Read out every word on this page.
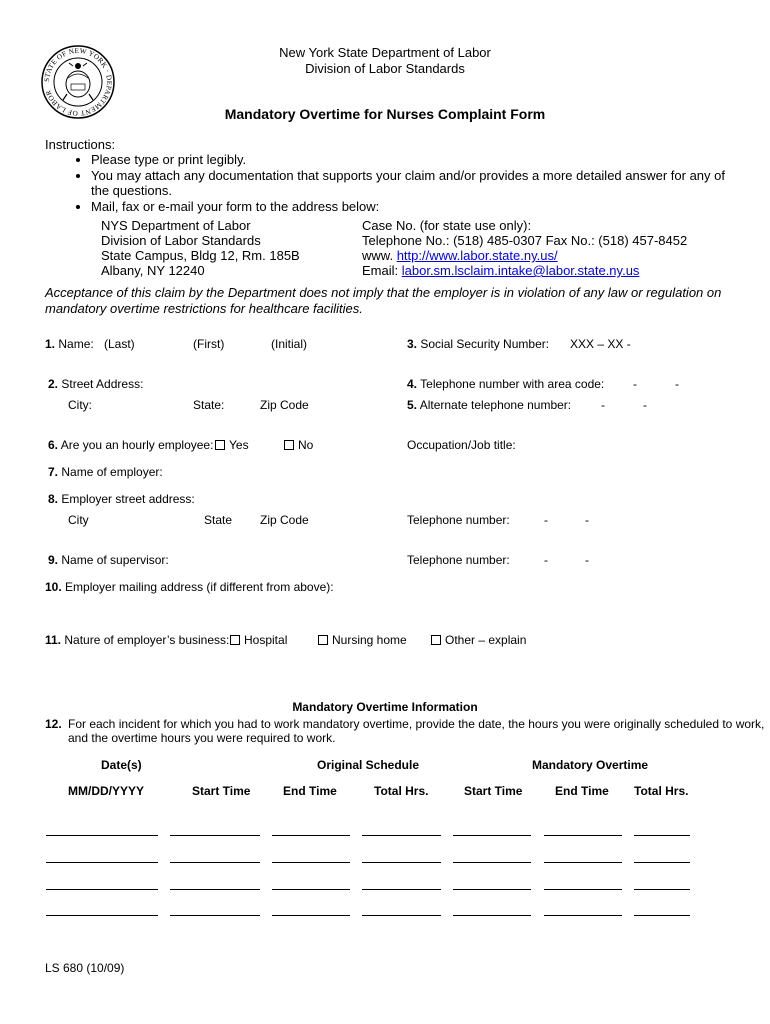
STATE OF NEW YORK · DEPARTMENT OF LABOR
New York State Department of Labor
Division of Labor Standards
Mandatory Overtime for Nurses Complaint Form
Instructions:
• Please type or print legibly.
• You may attach any documentation that supports your claim and/or provides a more detailed answer for any of the questions.
• Mail, fax or e-mail your form to the address below:
NYS Department of Labor
Division of Labor Standards
State Campus, Bldg 12, Rm. 185B
Albany, NY 12240
Case No. (for state use only):
Telephone No.: (518) 485-0307 Fax No.: (518) 457-8452
www. http://www.labor.state.ny.us/
Email: labor.sm.lsclaim.intake@labor.state.ny.us
Acceptance of this claim by the Department does not imply that the employer is in violation of any law or regulation on mandatory overtime restrictions for healthcare facilities.
1. Name: (Last)	(First)	(Initial)	3. Social Security Number: XXX – XX -
2. Street Address:	4. Telephone number with area code: -	-
City:	State:	Zip Code	5. Alternate telephone number: -	-
6. Are you an hourly employee:	Yes	No	Occupation/Job title:
7. Name of employer:
8. Employer street address:
City	State Zip Code	Telephone number:	-	-
9. Name of supervisor:	Telephone number:	-	-
10. Employer mailing address (if different from above):
11. Nature of employer’s business:	Hospital	Nursing home	Other – explain
Mandatory Overtime Information
12. For each incident for which you had to work mandatory overtime, provide the date, the hours you were originally scheduled to work,
and the overtime hours you were required to work.
Date(s)	Original Schedule	Mandatory Overtime
MM/DD/YYYY	Start Time	End Time	Total Hrs.	Start Time	End Time Total Hrs.
LS 680 (10/09)
